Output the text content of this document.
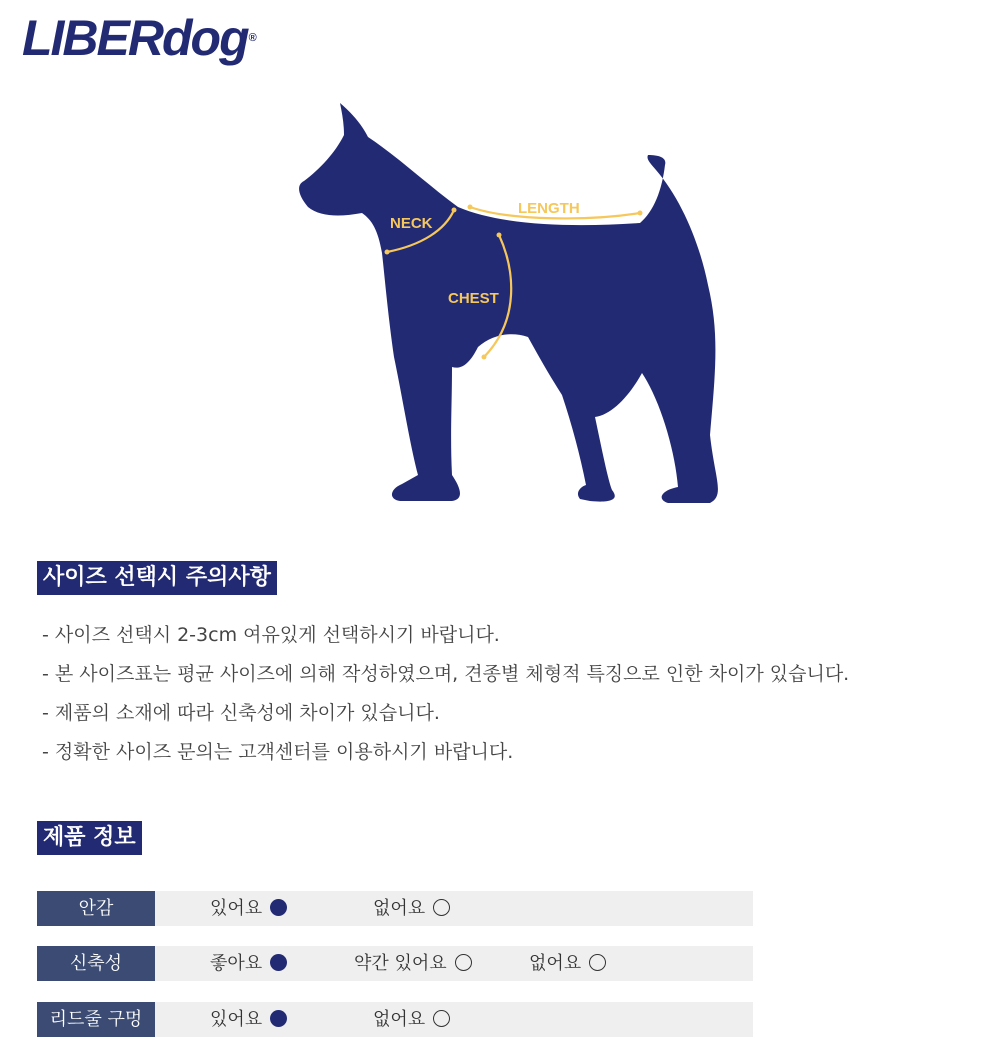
LIBERdog®
NECK
LENGTH
CHEST
사이즈 선택시 주의사항
- 사이즈 선택시 2-3cm 여유있게 선택하시기 바랍니다.
- 본 사이즈표는 평균 사이즈에 의해 작성하였으며, 견종별 체형적 특징으로 인한 차이가 있습니다.
- 제품의 소재에 따라 신축성에 차이가 있습니다.
- 정확한 사이즈 문의는 고객센터를 이용하시기 바랍니다.
제품 정보
안감	있어요	없어요
신축성	좋아요	약간 있어요	없어요
리드줄 구멍	있어요	없어요
